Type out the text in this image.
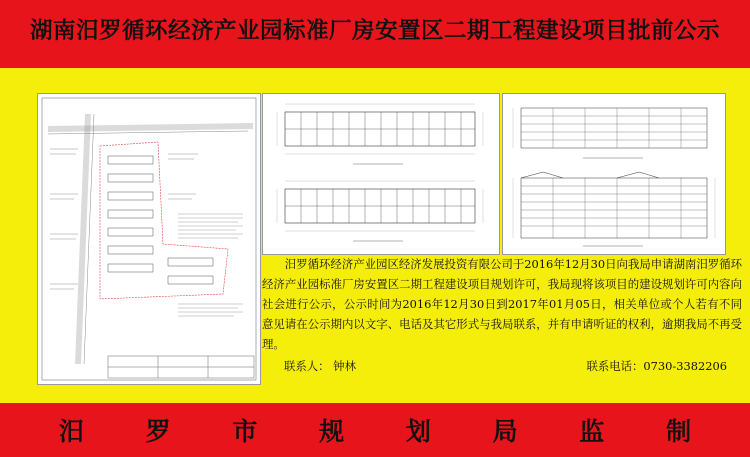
湖南汨罗循环经济产业园标准厂房安置区二期工程建设项目批前公示

汨罗循环经济产业园区经济发展投资有限公司于2016年12月30日向我局申请湖南汨罗循环经济产业园标准厂房安置区二期工程建设项目规划许可，我局现将该项目的建设规划许可内容向社会进行公示，公示时间为2016年12月30日到2017年01月05日，相关单位或个人若有不同意见请在公示期内以文字、电话及其它形式与我局联系，并有申请听证的权利，逾期我局不再受理。

联系人： 钟林	联系电话：0730-3382206
汨 罗 市 规 划 局 监 制
